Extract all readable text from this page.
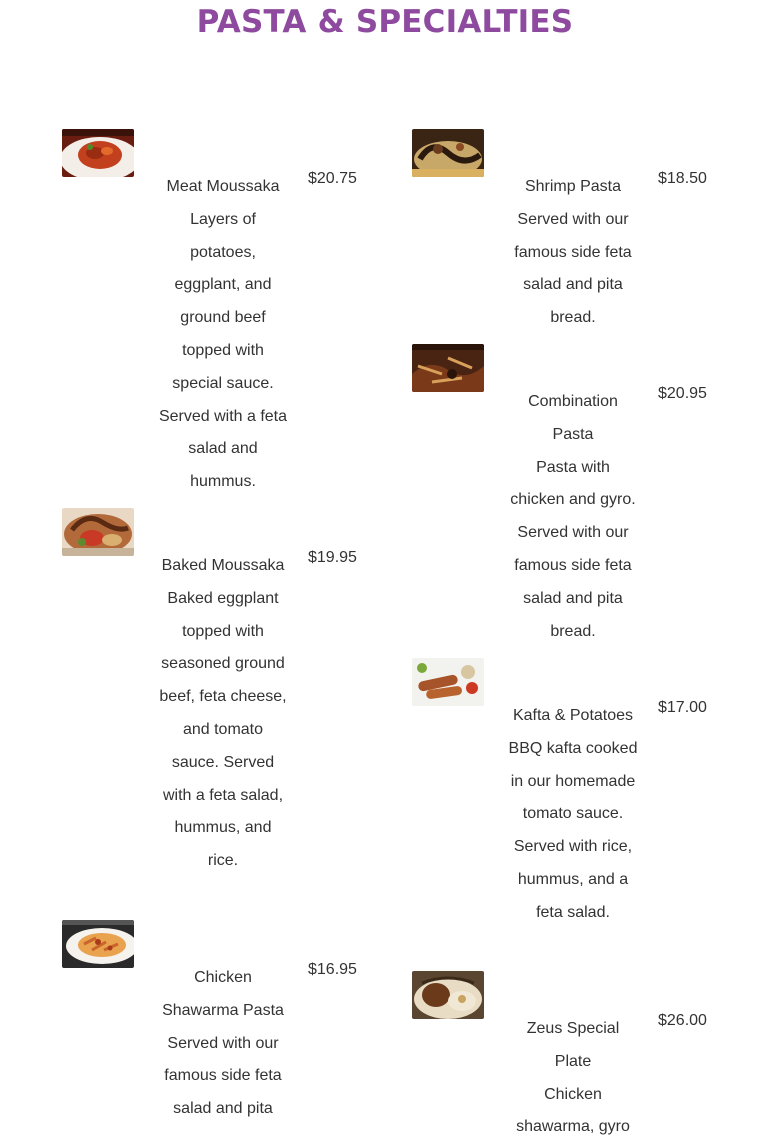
PASTA & SPECIALTIES
Meat Moussaka
Layers of potatoes, eggplant, and ground beef topped with special sauce. Served with a feta salad and hummus.
$20.75
Baked Moussaka
Baked eggplant topped with seasoned ground beef, feta cheese, and tomato sauce. Served with a feta salad, hummus, and rice.
$19.95
Chicken Shawarma Pasta
Served with our famous side feta salad and pita
$16.95
Shrimp Pasta
Served with our famous side feta salad and pita bread.
$18.50
Combination Pasta
Pasta with chicken and gyro. Served with our famous side feta salad and pita bread.
$20.95
Kafta & Potatoes
BBQ kafta cooked in our homemade tomato sauce. Served with rice, hummus, and a feta salad.
$17.00
Zeus Special Plate
Chicken shawarma, gyro
$26.00
